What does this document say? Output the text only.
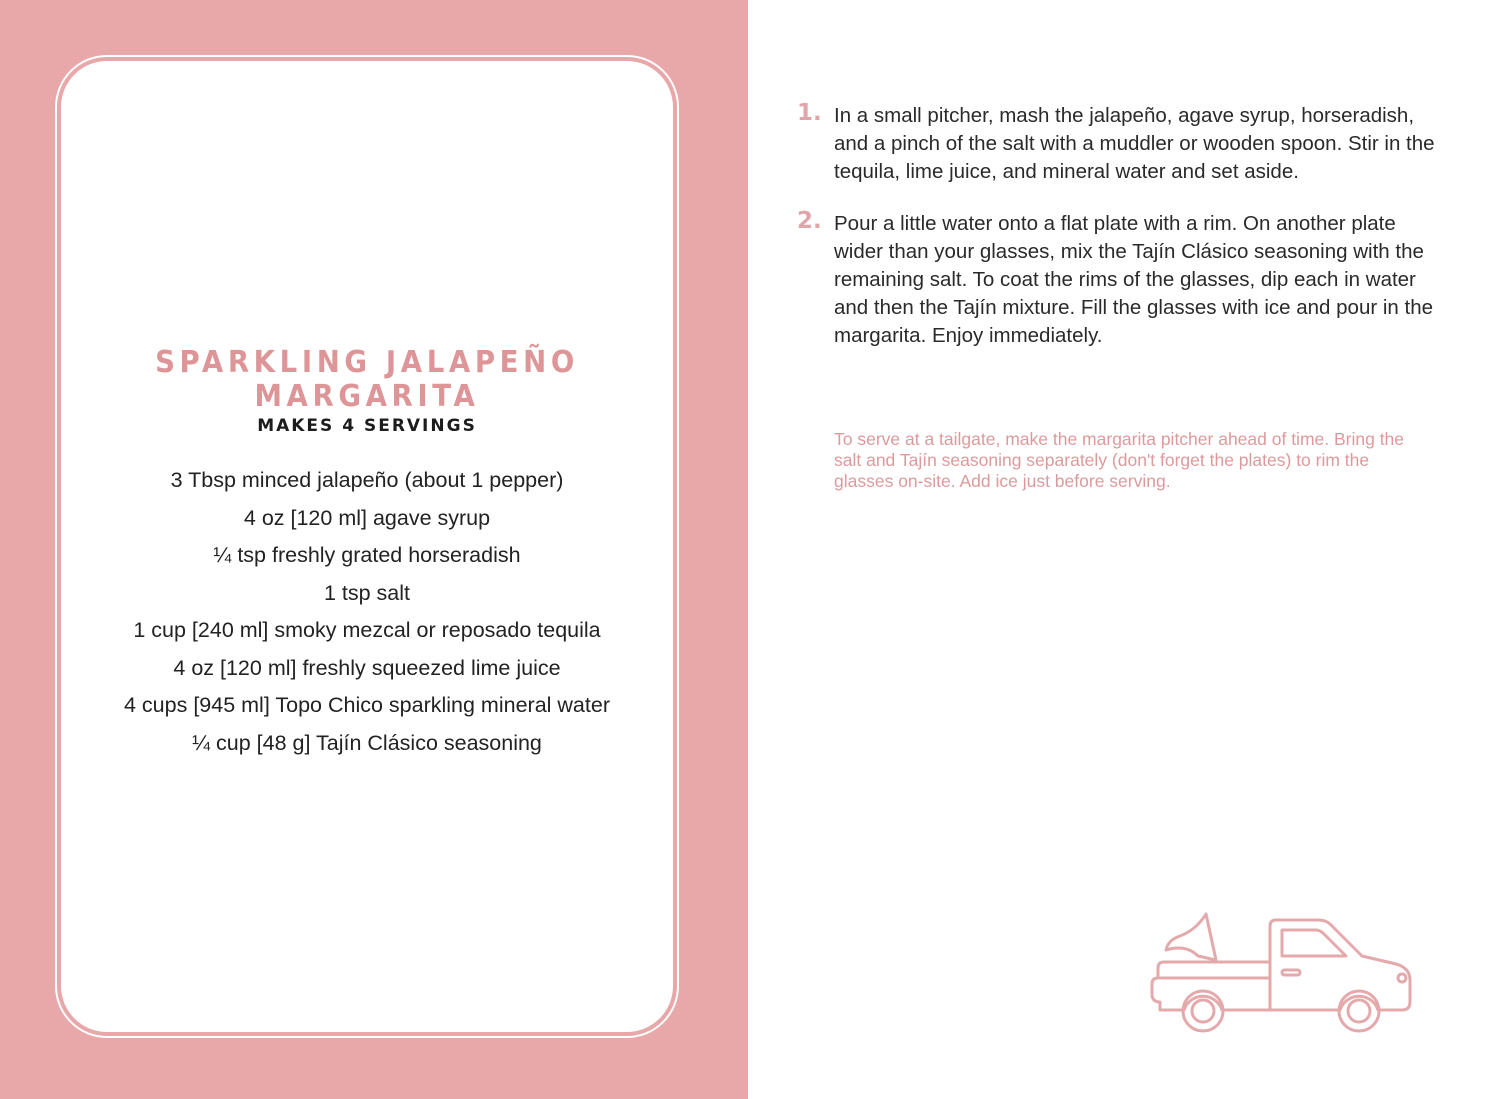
SPARKLING JALAPEÑO
MARGARITA
MAKES 4 SERVINGS
3 Tbsp minced jalapeño (about 1 pepper)
4 oz [120 ml] agave syrup
¼ tsp freshly grated horseradish
1 tsp salt
1 cup [240 ml] smoky mezcal or reposado tequila
4 oz [120 ml] freshly squeezed lime juice
4 cups [945 ml] Topo Chico sparkling mineral water
¼ cup [48 g] Tajín Clásico seasoning
1. In a small pitcher, mash the jalapeño, agave syrup, horseradish, and a pinch of the salt with a muddler or wooden spoon. Stir in the tequila, lime juice, and mineral water and set aside.

2. Pour a little water onto a flat plate with a rim. On another plate wider than your glasses, mix the Tajín Clásico seasoning with the remaining salt. To coat the rims of the glasses, dip each in water and then the Tajín mixture. Fill the glasses with ice and pour in the margarita. Enjoy immediately.

To serve at a tailgate, make the margarita pitcher ahead of time. Bring the salt and Tajín seasoning separately (don't forget the plates) to rim the glasses on-site. Add ice just before serving.
